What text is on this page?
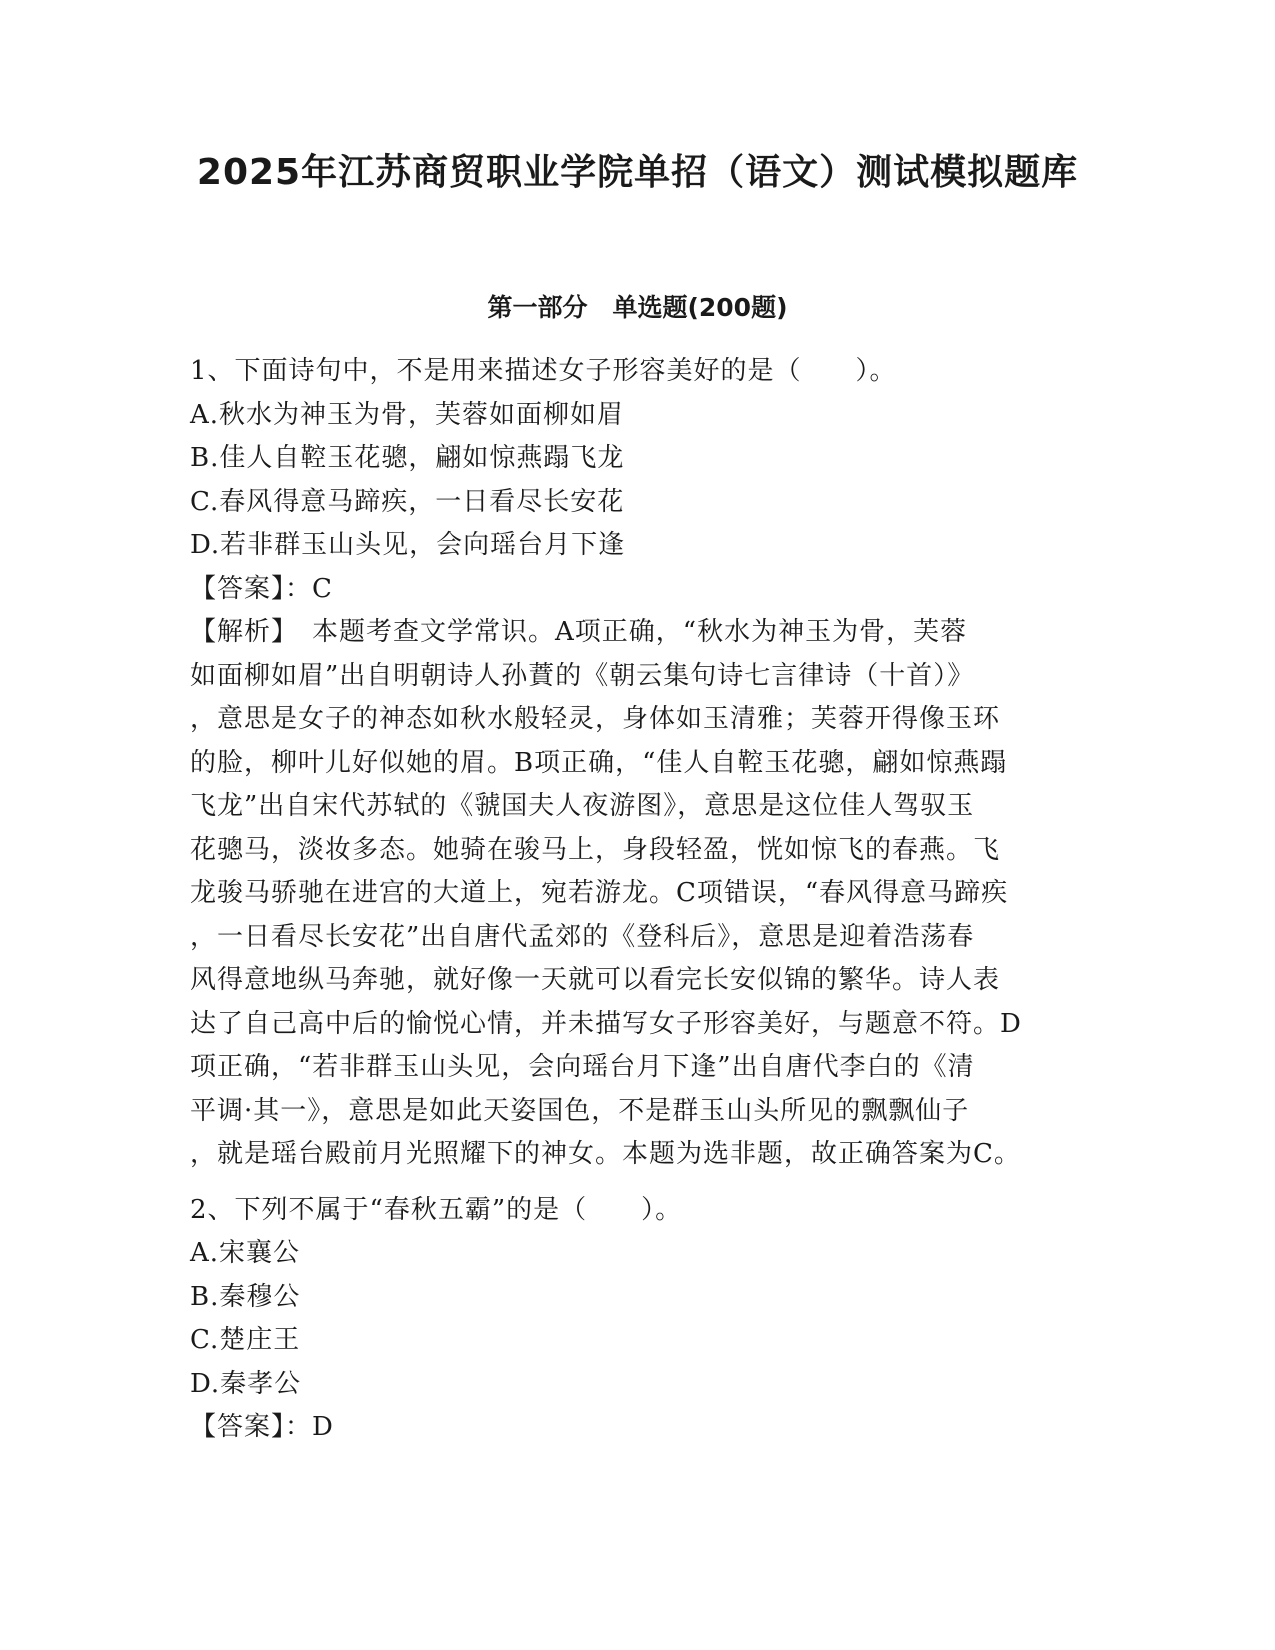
2025年江苏商贸职业学院单招（语文）测试模拟题库
第一部分　单选题(200题)
1、下面诗句中，不是用来描述女子形容美好的是（　　）。
A.秋水为神玉为骨，芙蓉如面柳如眉
B.佳人自鞚玉花骢，翩如惊燕蹋飞龙
C.春风得意马蹄疾，一日看尽长安花
D.若非群玉山头见，会向瑶台月下逢
【答案】：C
【解析】　本题考查文学常识。A项正确，“秋水为神玉为骨，芙蓉
如面柳如眉”出自明朝诗人孙蕡的《朝云集句诗七言律诗（十首）》
，意思是女子的神态如秋水般轻灵，身体如玉清雅；芙蓉开得像玉环
的脸，柳叶儿好似她的眉。B项正确，“佳人自鞚玉花骢，翩如惊燕蹋
飞龙”出自宋代苏轼的《虢国夫人夜游图》，意思是这位佳人驾驭玉
花骢马，淡妆多态。她骑在骏马上，身段轻盈，恍如惊飞的春燕。飞
龙骏马骄驰在进宫的大道上，宛若游龙。C项错误，“春风得意马蹄疾
，一日看尽长安花”出自唐代孟郊的《登科后》，意思是迎着浩荡春
风得意地纵马奔驰，就好像一天就可以看完长安似锦的繁华。诗人表
达了自己高中后的愉悦心情，并未描写女子形容美好，与题意不符。D
项正确，“若非群玉山头见，会向瑶台月下逢”出自唐代李白的《清
平调·其一》，意思是如此天姿国色，不是群玉山头所见的飘飘仙子
，就是瑶台殿前月光照耀下的神女。本题为选非题，故正确答案为C。
2、下列不属于“春秋五霸”的是（　　）。
A.宋襄公
B.秦穆公
C.楚庄王
D.秦孝公
【答案】：D
